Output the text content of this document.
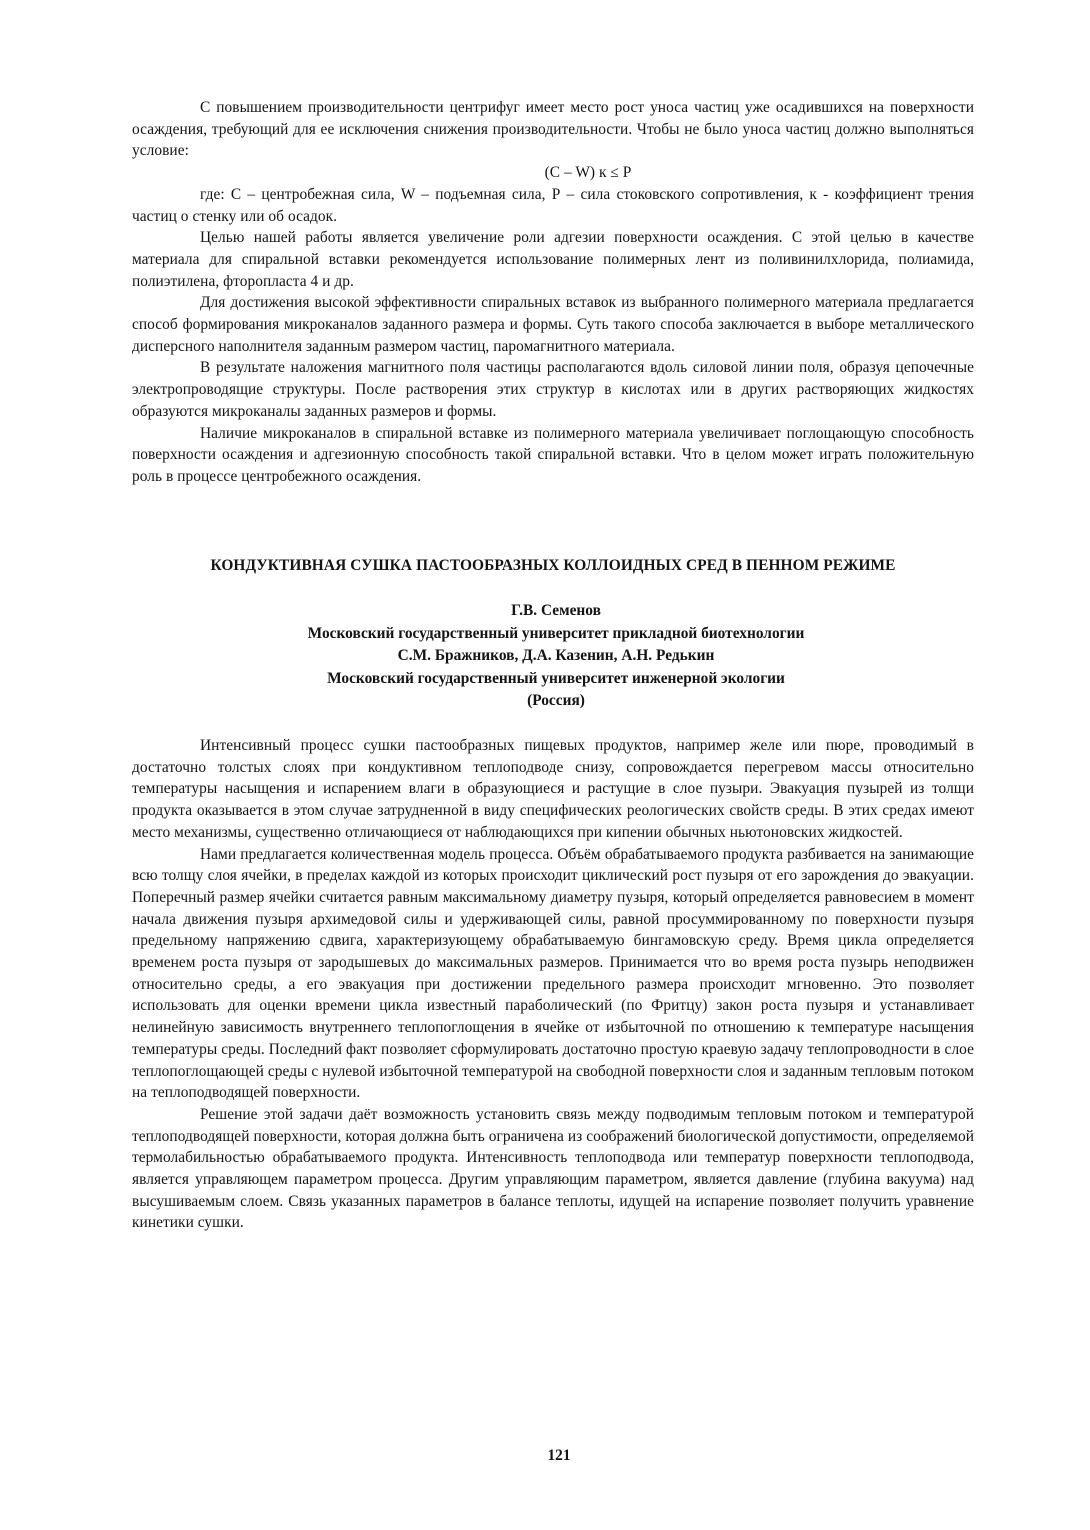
С повышением производительности центрифуг имеет место рост уноса частиц уже осадившихся на поверхности осаждения, требующий для ее исключения снижения производительности. Чтобы не было уноса частиц должно выполняться условие:

(C – W) к ≤ P

где: С – центробежная сила, W – подъемная сила, Р – сила стоковского сопротивления, к - коэффициент трения частиц о стенку или об осадок.

Целью нашей работы является увеличение роли адгезии поверхности осаждения. С этой целью в качестве материала для спиральной вставки рекомендуется использование полимерных лент из поливинилхлорида, полиамида, полиэтилена, фторопласта 4 и др.

Для достижения высокой эффективности спиральных вставок из выбранного полимерного материала предлагается способ формирования микроканалов заданного размера и формы. Суть такого способа заключается в выборе металлического дисперсного наполнителя заданным размером частиц, паромагнитного материала.

В результате наложения магнитного поля частицы располагаются вдоль силовой линии поля, образуя цепочечные электропроводящие структуры. После растворения этих структур в кислотах или в других растворяющих жидкостях образуются микроканалы заданных размеров и формы.

Наличие микроканалов в спиральной вставке из полимерного материала увеличивает поглощающую способность поверхности осаждения и адгезионную способность такой спиральной вставки. Что в целом может играть положительную роль в процессе центробежного осаждения.

КОНДУКТИВНАЯ СУШКА ПАСТООБРАЗНЫХ КОЛЛОИДНЫХ СРЕД В ПЕННОМ РЕЖИМЕ
Г.В. Семенов
Московский государственный университет прикладной биотехнологии
С.М. Бражников, Д.А. Казенин, А.Н. Редькин
Московский государственный университет инженерной экологии
(Россия)

Интенсивный процесс сушки пастообразных пищевых продуктов, например желе или пюре, проводимый в достаточно толстых слоях при кондуктивном теплоподводе снизу, сопровождается перегревом массы относительно температуры насыщения и испарением влаги в образующиеся и растущие в слое пузыри. Эвакуация пузырей из толщи продукта оказывается в этом случае затрудненной в виду специфических реологических свойств среды. В этих средах имеют место механизмы, существенно отличающиеся от наблюдающихся при кипении обычных ньютоновских жидкостей.

Нами предлагается количественная модель процесса. Объём обрабатываемого продукта разбивается на занимающие всю толщу слоя ячейки, в пределах каждой из которых происходит циклический рост пузыря от его зарождения до эвакуации. Поперечный размер ячейки считается равным максимальному диаметру пузыря, который определяется равновесием в момент начала движения пузыря архимедовой силы и удерживающей силы, равной просуммированному по поверхности пузыря предельному напряжению сдвига, характеризующему обрабатываемую бингамовскую среду. Время цикла определяется временем роста пузыря от зародышевых до максимальных размеров. Принимается что во время роста пузырь неподвижен относительно среды, а его эвакуация при достижении предельного размера происходит мгновенно. Это позволяет использовать для оценки времени цикла известный параболический (по Фритцу) закон роста пузыря и устанавливает нелинейную зависимость внутреннего теплопоглощения в ячейке от избыточной по отношению к температуре насыщения температуры среды. Последний факт позволяет сформулировать достаточно простую краевую задачу теплопроводности в слое теплопоглощающей среды с нулевой избыточной температурой на свободной поверхности слоя и заданным тепловым потоком на теплоподводящей поверхности.

Решение этой задачи даёт возможность установить связь между подводимым тепловым потоком и температурой теплоподводящей поверхности, которая должна быть ограничена из соображений биологической допустимости, определяемой термолабильностью обрабатываемого продукта. Интенсивность теплоподвода или температур поверхности теплоподвода, является управляющем параметром процесса. Другим управляющим параметром, является давление (глубина вакуума) над высушиваемым слоем. Связь указанных параметров в балансе теплоты, идущей на испарение позволяет получить уравнение кинетики сушки.

121
